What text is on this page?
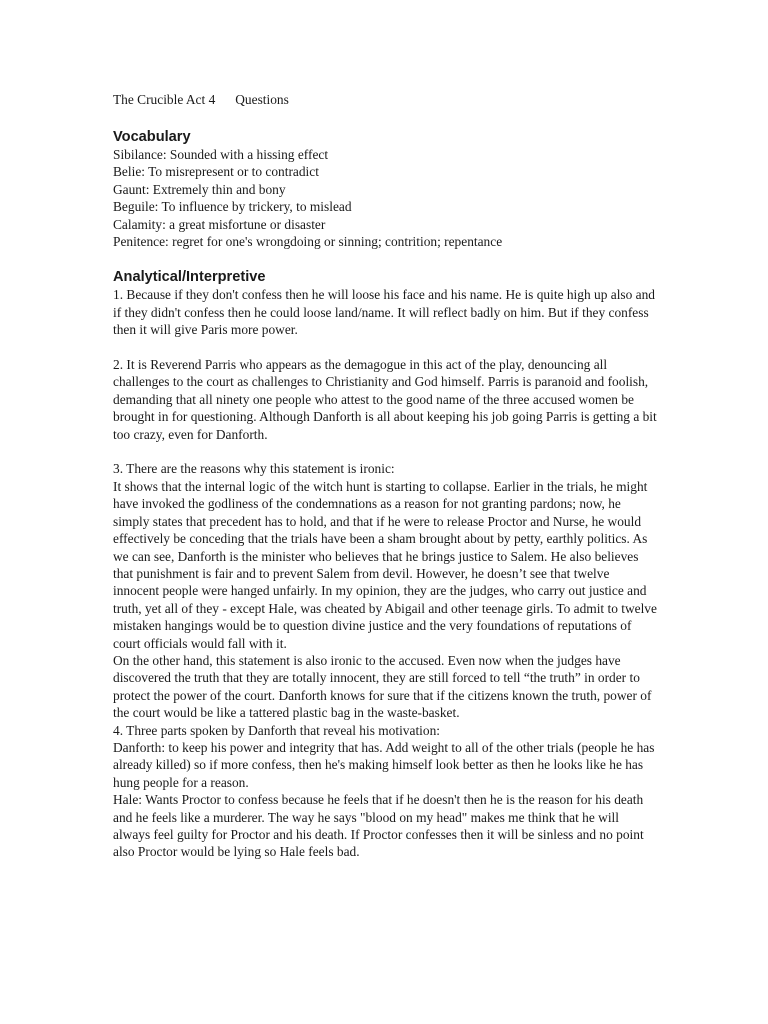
The Crucible Act 4 Questions
Vocabulary
Sibilance: Sounded with a hissing effect
Belie: To misrepresent or to contradict
Gaunt: Extremely thin and bony
Beguile: To influence by trickery, to mislead
Calamity: a great misfortune or disaster
Penitence: regret for one's wrongdoing or sinning; contrition; repentance
Analytical/Interpretive

1. Because if they don't confess then he will loose his face and his name. He is quite high up also and if they didn't confess then he could loose land/name. It will reflect badly on him. But if they confess then it will give Paris more power.

2. It is Reverend Parris who appears as the demagogue in this act of the play, denouncing all challenges to the court as challenges to Christianity and God himself. Parris is paranoid and foolish, demanding that all ninety one people who attest to the good name of the three accused women be brought in for questioning. Although Danforth is all about keeping his job going Parris is getting a bit too crazy, even for Danforth.

3. There are the reasons why this statement is ironic:

It shows that the internal logic of the witch hunt is starting to collapse. Earlier in the trials, he might have invoked the godliness of the condemnations as a reason for not granting pardons; now, he simply states that precedent has to hold, and that if he were to release Proctor and Nurse, he would effectively be conceding that the trials have been a sham brought about by petty, earthly politics. As we can see, Danforth is the minister who believes that he brings justice to Salem. He also believes that punishment is fair and to prevent Salem from devil. However, he doesn’t see that twelve innocent people were hanged unfairly. In my opinion, they are the judges, who carry out justice and truth, yet all of they - except Hale, was cheated by Abigail and other teenage girls. To admit to twelve mistaken hangings would be to question divine justice and the very foundations of reputations of court officials would fall with it.

On the other hand, this statement is also ironic to the accused. Even now when the judges have discovered the truth that they are totally innocent, they are still forced to tell “the truth” in order to protect the power of the court. Danforth knows for sure that if the citizens known the truth, power of the court would be like a tattered plastic bag in the waste-basket.

4. Three parts spoken by Danforth that reveal his motivation:

Danforth: to keep his power and integrity that has. Add weight to all of the other trials (people he has already killed) so if more confess, then he's making himself look better as then he looks like he has hung people for a reason.

Hale: Wants Proctor to confess because he feels that if he doesn't then he is the reason for his death and he feels like a murderer. The way he says "blood on my head" makes me think that he will always feel guilty for Proctor and his death. If Proctor confesses then it will be sinless and no point also Proctor would be lying so Hale feels bad.
